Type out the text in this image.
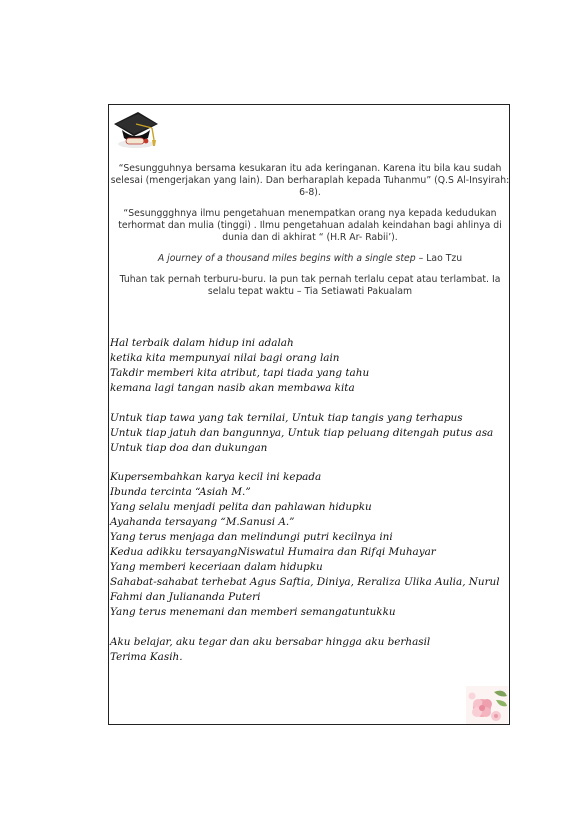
“Sesungguhnya bersama kesukaran itu ada keringanan. Karena itu bila kau sudah selesai (mengerjakan yang lain). Dan berharaplah kepada Tuhanmu” (Q.S Al-Insyirah: 6-8).

“Sesunggghnya ilmu pengetahuan menempatkan orang nya kepada kedudukan terhormat dan mulia (tinggi) . Ilmu pengetahuan adalah keindahan bagi ahlinya di dunia dan di akhirat “ (H.R Ar- Rabii’).

A journey of a thousand miles begins with a single step – Lao Tzu

Tuhan tak pernah terburu-buru. Ia pun tak pernah terlalu cepat atau terlambat. Ia selalu tepat waktu – Tia Setiawati Pakualam

Hal terbaik dalam hidup ini adalah
ketika kita mempunyai nilai bagi orang lain
Takdir memberi kita atribut, tapi tiada yang tahu
kemana lagi tangan nasib akan membawa kita
Untuk tiap tawa yang tak ternilai, Untuk tiap tangis yang terhapus
Untuk tiap jatuh dan bangunnya, Untuk tiap peluang ditengah putus asa
Untuk tiap doa dan dukungan
Kupersembahkan karya kecil ini kepada
Ibunda tercinta “Asiah M.”
Yang selalu menjadi pelita dan pahlawan hidupku
Ayahanda tersayang “M.Sanusi A.”
Yang terus menjaga dan melindungi putri kecilnya ini
Kedua adikku tersayangNiswatul Humaira dan Rifqi Muhayar
Yang memberi keceriaan dalam hidupku
Sahabat-sahabat terhebat Agus Saftia, Diniya, Reraliza Ulika Aulia, Nurul
Fahmi dan Juliananda Puteri
Yang terus menemani dan memberi semangatuntukku
Aku belajar, aku tegar dan aku bersabar hingga aku berhasil
Terima Kasih.
